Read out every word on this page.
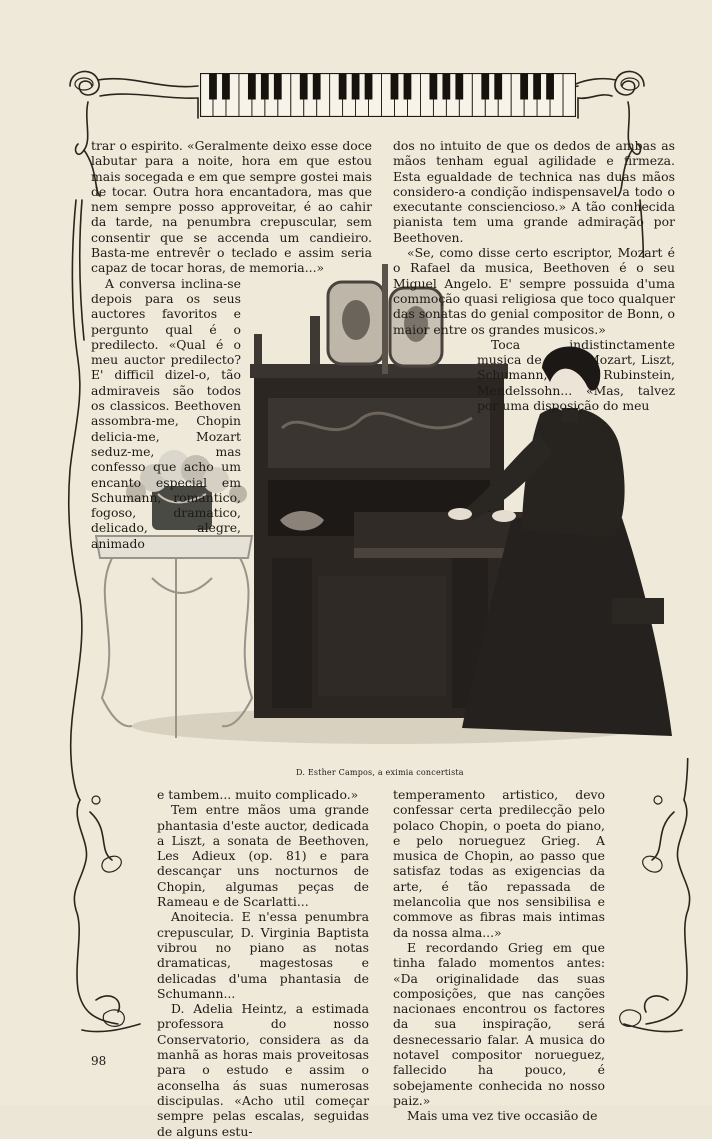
trar o espirito. «Geralmente deixo esse doce labutar para a noite, hora em que estou mais socegada e em que sempre gostei mais de tocar. Outra hora encantadora, mas que nem sempre posso approveitar, é ao cahir da tarde, na penumbra crepuscular, sem consentir que se accenda um candieiro. Basta-me entrevêr o teclado e assim seria capaz de tocar horas, de memoria...»

A conversa inclina-se depois para os seus auctores favoritos e pergunto qual é o predilecto. «Qual é o meu auctor predilecto? E' difficil dizel-o, tão admiraveis são todos os classicos. Beethoven assombra-me, Chopin delicia-me, Mozart seduz-me, mas confesso que acho um encanto especial em Schumann, romantico, fogoso, dramatico, delicado, alegre, animado

dos no intuito de que os dedos de ambas as mãos tenham egual agilidade e firmeza. Esta egualdade de technica nas duas mãos considero-a condição indispensavel a todo o executante consciencioso.» A tão conhecida pianista tem uma grande admiração por Beethoven.

«Se, como disse certo escriptor, Mozart é o Rafael da musica, Beethoven é o seu Miguel Angelo. E' sempre possuida d'uma commoção quasi religiosa que toco qualquer das sonatas do genial compositor de Bonn, o maior entre os grandes musicos.»

Toca indistinctamente musica de Bach, Mozart, Liszt, Schumann, Rubinstein, Mendelssohn... «Mas, talvez por uma disposição do meu

D. Esther Campos, a eximia concertista

e tambem... muito complicado.»

Tem entre mãos uma grande phantasia d'este auctor, dedicada a Liszt, a sonata de Beethoven, Les Adieux (op. 81) e para descançar uns nocturnos de Chopin, algumas peças de Rameau e de Scarlatti...

Anoitecia. E n'essa penumbra crepuscular, D. Virginia Baptista vibrou no piano as notas dramaticas, magestosas e delicadas d'uma phantasia de Schumann...

D. Adelia Heintz, a estimada professora do nosso Conservatorio, considera as da manhã as horas mais proveitosas para o estudo e assim o aconselha ás suas numerosas discipulas. «Acho util começar sempre pelas escalas, seguidas de alguns estu-

temperamento artistico, devo confessar certa predilecção pelo polaco Chopin, o poeta do piano, e pelo norueguez Grieg. A musica de Chopin, ao passo que satisfaz todas as exigencias da arte, é tão repassada de melancolia que nos sensibilisa e commove as fibras mais intimas da nossa alma...»

E recordando Grieg em que tinha falado momentos antes: «Da originalidade das suas composições, que nas canções nacionaes encontrou os factores da sua inspiração, será desnecessario falar. A musica do notavel compositor norueguez, fallecido ha pouco, é sobejamente conhecida no nosso paiz.»

Mais uma vez tive occasião de

98
